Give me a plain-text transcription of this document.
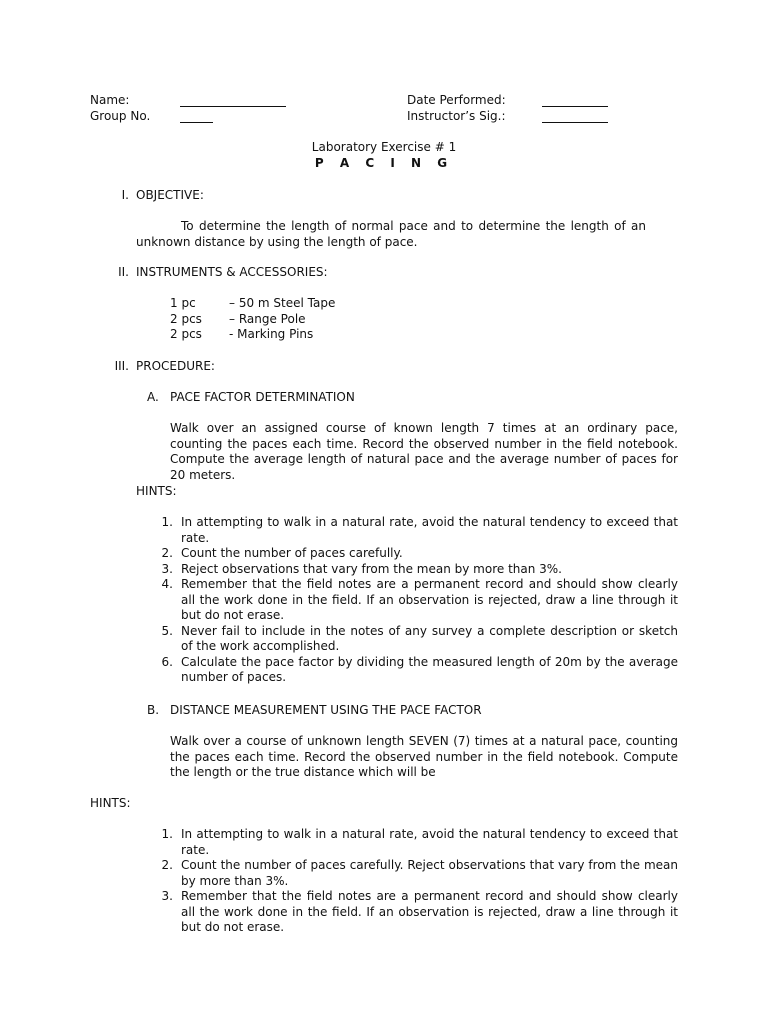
Name:
Group No.
Date Performed:
Instructor’s Sig.:
Laboratory Exercise # 1
P A C I N G
I. OBJECTIVE:
To determine the length of normal pace and to determine the length of an unknown distance by using the length of pace.
II. INSTRUMENTS & ACCESSORIES:
1 pc	– 50 m Steel Tape
2 pcs – Range Pole
2 pcs - Marking Pins
III. PROCEDURE:
A. PACE FACTOR DETERMINATION
Walk over an assigned course of known length 7 times at an ordinary pace, counting the paces each time. Record the observed number in the field notebook. Compute the average length of natural pace and the average number of paces for 20 meters.
HINTS:
1. In attempting to walk in a natural rate, avoid the natural tendency to exceed that rate.
2. Count the number of paces carefully.
3. Reject observations that vary from the mean by more than 3%.
4. Remember that the field notes are a permanent record and should show clearly all the work done in the field. If an observation is rejected, draw a line through it but do not erase.
5. Never fail to include in the notes of any survey a complete description or sketch of the work accomplished.
6. Calculate the pace factor by dividing the measured length of 20m by the average number of paces.
B. DISTANCE MEASUREMENT USING THE PACE FACTOR
Walk over a course of unknown length SEVEN (7) times at a natural pace, counting the paces each time. Record the observed number in the field notebook. Compute the length or the true distance which will be
HINTS:
1. In attempting to walk in a natural rate, avoid the natural tendency to exceed that rate.
2. Count the number of paces carefully. Reject observations that vary from the mean by more than 3%.
3. Remember that the field notes are a permanent record and should show clearly all the work done in the field. If an observation is rejected, draw a line through it but do not erase.
